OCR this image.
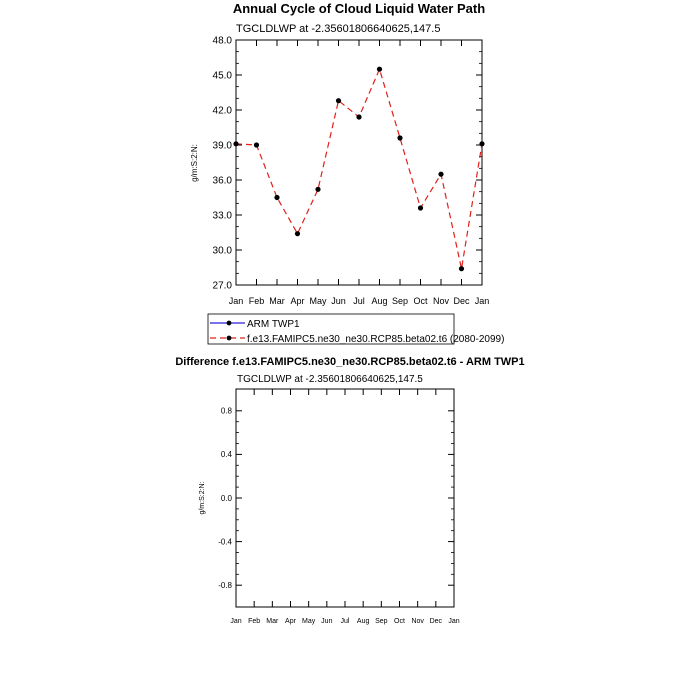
Annual Cycle of Cloud Liquid Water Path
TGCLDLWP at -2.35601806640625,147.5
Jan Feb Mar Apr May Jun Jul Aug Sep Oct Nov Dec Jan
27.0
30.0
33.0
36.0
39.0
42.0
45.0
48.0
g/m:S:2:N:
ARM TWP1
f.e13.FAMIPC5.ne30_ne30.RCP85.beta02.t6 (2080-2099)
Difference f.e13.FAMIPC5.ne30_ne30.RCP85.beta02.t6 - ARM TWP1
TGCLDLWP at -2.35601806640625,147.5
Jan Feb Mar Apr May Jun Jul Aug Sep Oct Nov Dec Jan
-0.8
-0.4
0.0
0.4
0.8
g/m:S:2:N:
